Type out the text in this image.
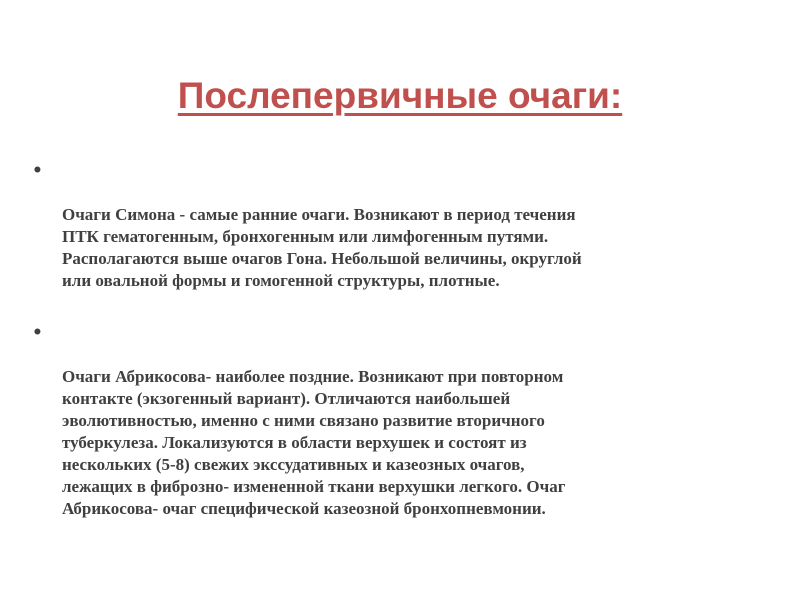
Послепервичные очаги:

•

Очаги Симона - самые ранние очаги. Возникают в период течения
ПТК гематогенным, бронхогенным или лимфогенным путями.
Располагаются выше очагов Гона. Небольшой величины, округлой
или овальной формы и гомогенной структуры, плотные.

•

Очаги Абрикосова- наиболее поздние. Возникают при повторном
контакте (экзогенный вариант). Отличаются наибольшей
эволютивностью, именно с ними связано развитие вторичного
туберкулеза. Локализуются в области верхушек и состоят из
нескольких (5-8) свежих экссудативных и казеозных очагов,
лежащих в фиброзно- измененной ткани верхушки легкого. Очаг
Абрикосова- очаг специфической казеозной бронхопневмонии.
